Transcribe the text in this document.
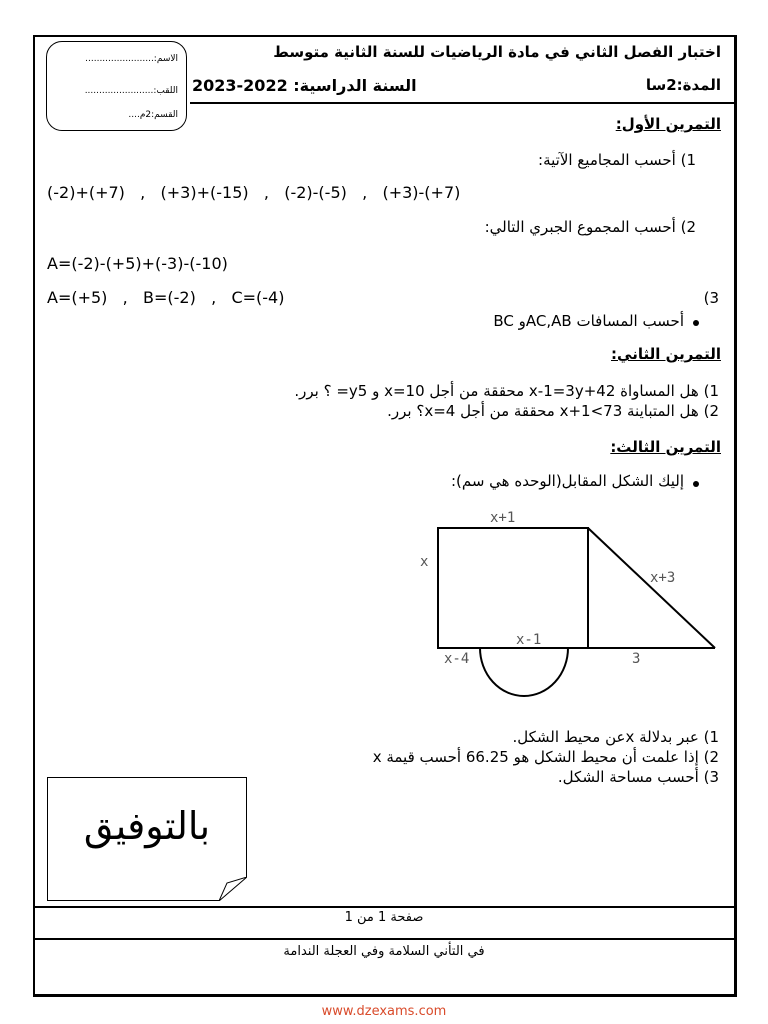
اختبار الفصل الثاني في مادة الرياضيات للسنة الثانية متوسط
المدة:2سا
السنة الدراسية: 2022-2023
الاسم:........................
اللقب:........................
القسم:2م....	التمرين الأول:
1) أحسب المجاميع الآتية:
(-2)+(+7)   ,   (+3)+(-15)   ,   (-2)-(-5)   ,   (+3)-(+7)
2) أحسب المجموع الجبري التالي:
A=(-2)-(+5)+(-3)-(-10)
A=(+5)   ,   B=(-2)   ,   C=(-4)	(3
أحسب المسافات AC,ABو BC
التمرين الثاني:
1) هل المساواة x-1=3y+42 محققة من أجل x=10 و y5= ؟ برر.
2) هل المتباينة x+1<73 محققة من أجل x=4؟ برر.
التمرين الثالث:
إليك الشكل المقابل(الوحده هي سم):
x+1
x
x+3
x-1
x-4	3
1) عبر بدلالة xعن محيط الشكل.
2) إذا علمت أن محيط الشكل هو 66.25 أحسب قيمة x
3) أحسب مساحة الشكل.
بالتوفيق
صفحة 1 من 1
في التأني السلامة وفي العجلة الندامة
www.dzexams.com
